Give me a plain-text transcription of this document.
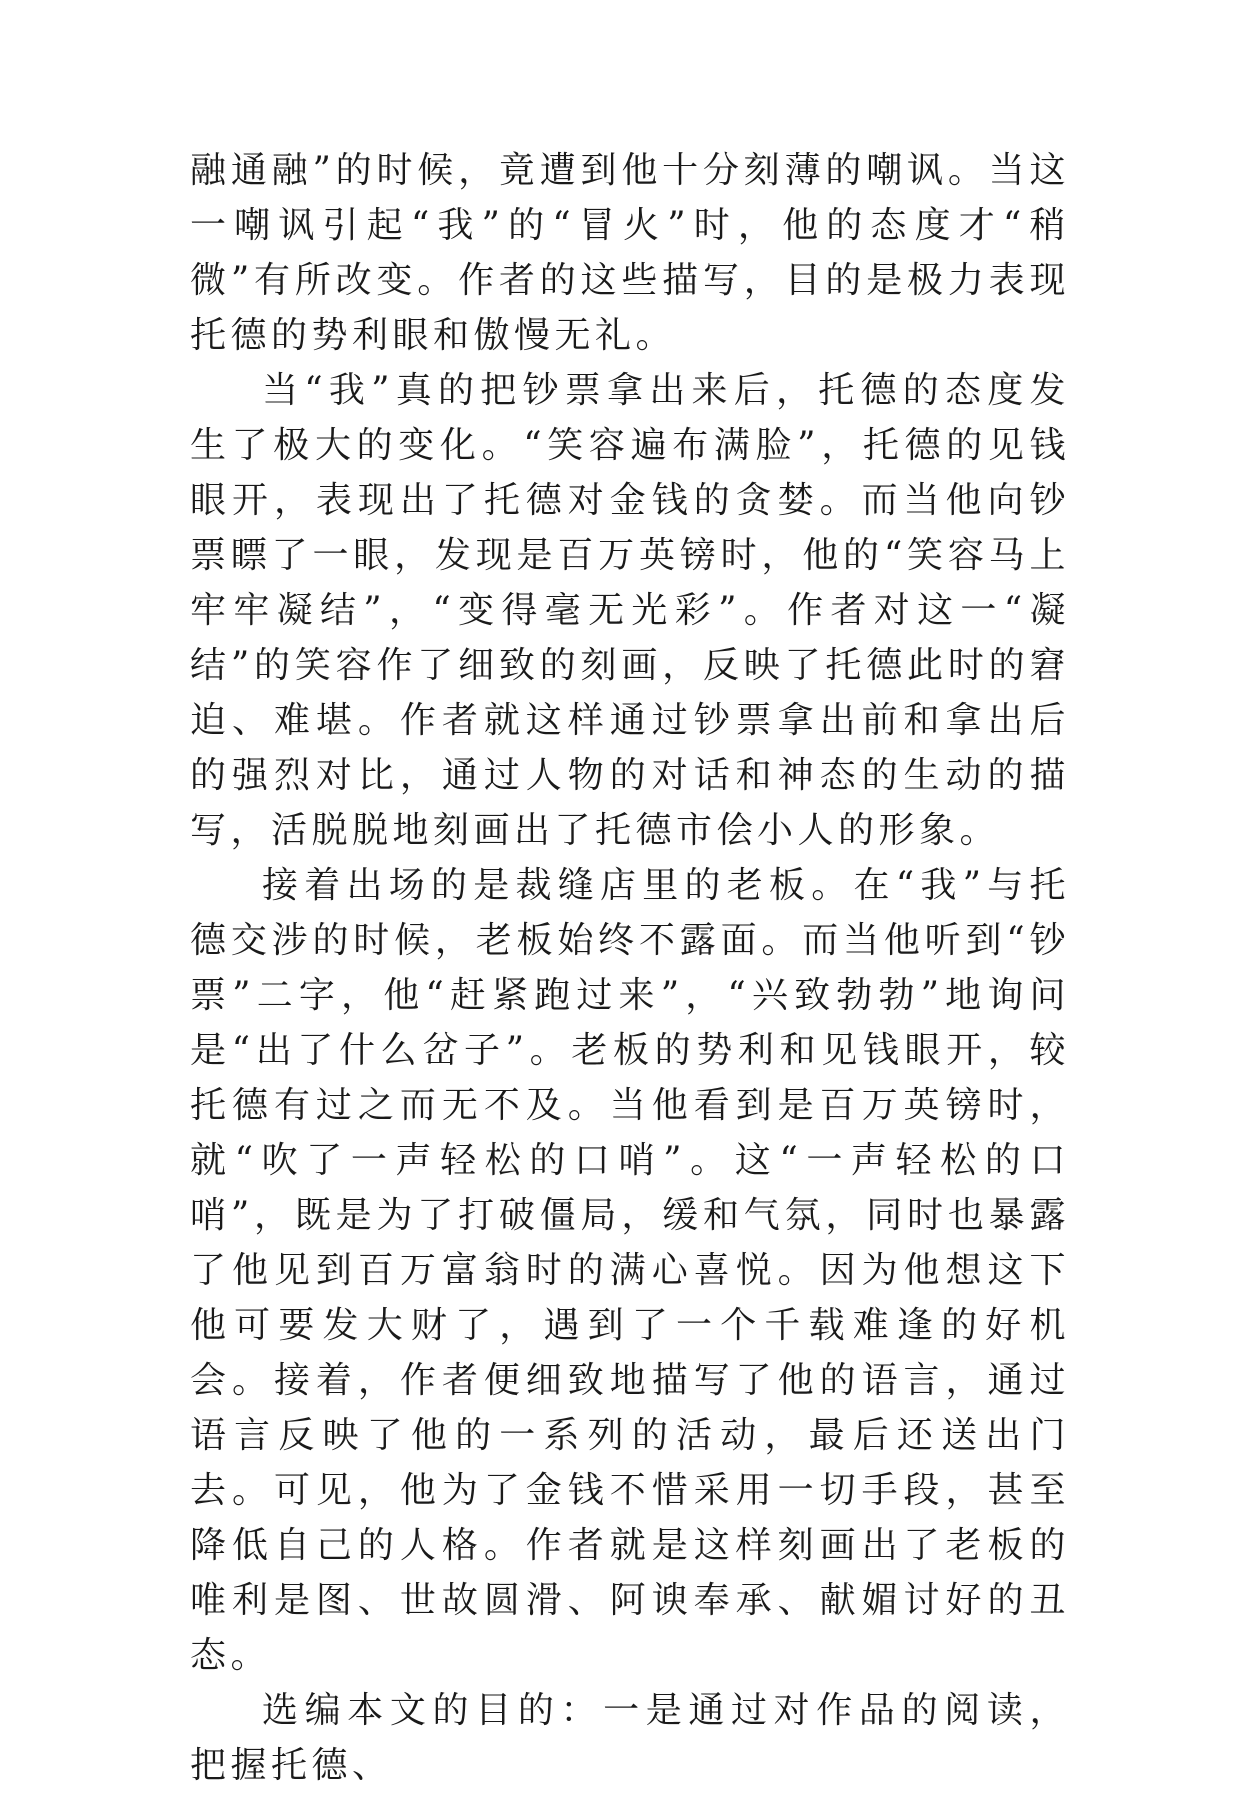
融通融”的时候，竟遭到他十分刻薄的嘲讽。当这一嘲讽引起“我”的“冒火”时，他的态度才“稍微”有所改变。作者的这些描写，目的是极力表现托德的势利眼和傲慢无礼。

当“我”真的把钞票拿出来后，托德的态度发生了极大的变化。“笑容遍布满脸”，托德的见钱眼开，表现出了托德对金钱的贪婪。而当他向钞票瞟了一眼，发现是百万英镑时，他的“笑容马上牢牢凝结”，“变得毫无光彩”。作者对这一“凝结”的笑容作了细致的刻画，反映了托德此时的窘迫、难堪。作者就这样通过钞票拿出前和拿出后的强烈对比，通过人物的对话和神态的生动的描写，活脱脱地刻画出了托德市侩小人的形象。

接着出场的是裁缝店里的老板。在“我”与托德交涉的时候，老板始终不露面。而当他听到“钞票”二字，他“赶紧跑过来”，“兴致勃勃”地询问是“出了什么岔子”。老板的势利和见钱眼开，较托德有过之而无不及。当他看到是百万英镑时，就“吹了一声轻松的口哨”。这“一声轻松的口哨”，既是为了打破僵局，缓和气氛，同时也暴露了他见到百万富翁时的满心喜悦。因为他想这下他可要发大财了，遇到了一个千载难逢的好机会。接着，作者便细致地描写了他的语言，通过语言反映了他的一系列的活动，最后还送出门去。可见，他为了金钱不惜采用一切手段，甚至降低自己的人格。作者就是这样刻画出了老板的唯利是图、世故圆滑、阿谀奉承、献媚讨好的丑态。

选编本文的目的：一是通过对作品的阅读，把握托德、
